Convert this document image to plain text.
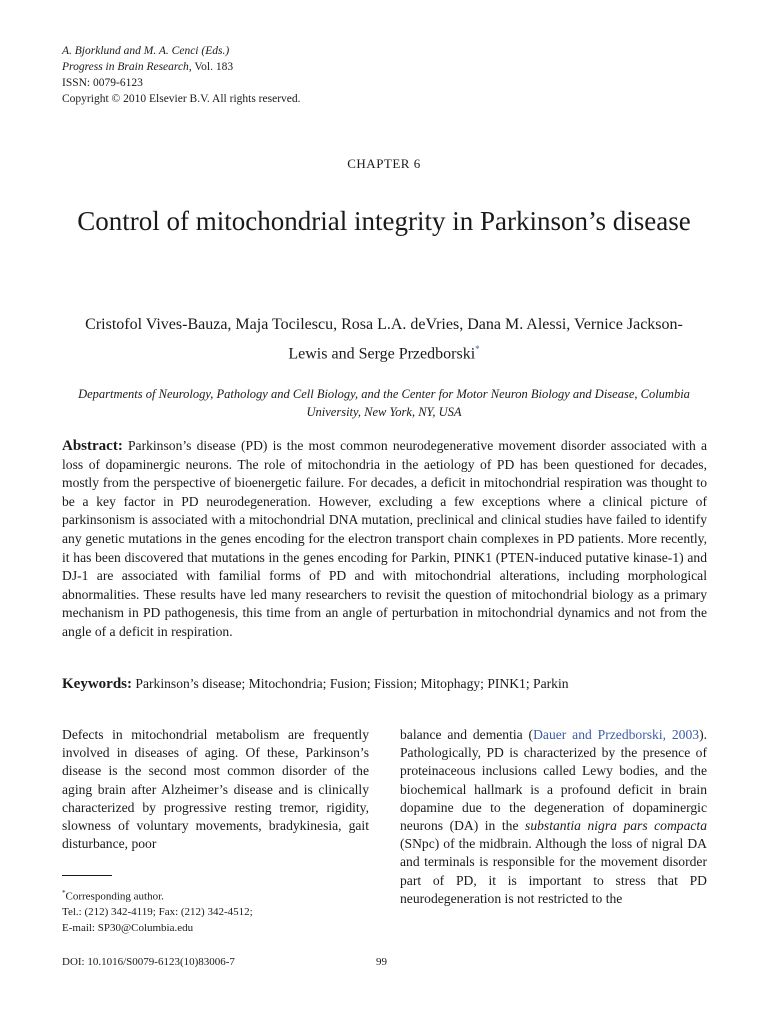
A. Bjorklund and M. A. Cenci (Eds.)
Progress in Brain Research, Vol. 183
ISSN: 0079-6123
Copyright © 2010 Elsevier B.V. All rights reserved.
CHAPTER 6
Control of mitochondrial integrity in Parkinson’s disease
Cristofol Vives-Bauza, Maja Tocilescu, Rosa L.A. deVries, Dana M. Alessi, Vernice Jackson-Lewis and Serge Przedborski*
Departments of Neurology, Pathology and Cell Biology, and the Center for Motor Neuron Biology and Disease, Columbia University, New York, NY, USA
Abstract: Parkinson’s disease (PD) is the most common neurodegenerative movement disorder associated with a loss of dopaminergic neurons. The role of mitochondria in the aetiology of PD has been questioned for decades, mostly from the perspective of bioenergetic failure. For decades, a deficit in mitochondrial respiration was thought to be a key factor in PD neurodegeneration. However, excluding a few exceptions where a clinical picture of parkinsonism is associated with a mitochondrial DNA mutation, preclinical and clinical studies have failed to identify any genetic mutations in the genes encoding for the electron transport chain complexes in PD patients. More recently, it has been discovered that mutations in the genes encoding for Parkin, PINK1 (PTEN-induced putative kinase-1) and DJ-1 are associated with familial forms of PD and with mitochondrial alterations, including morphological abnormalities. These results have led many researchers to revisit the question of mitochondrial biology as a primary mechanism in PD pathogenesis, this time from an angle of perturbation in mitochondrial dynamics and not from the angle of a deficit in respiration.
Keywords: Parkinson’s disease; Mitochondria; Fusion; Fission; Mitophagy; PINK1; Parkin

Defects in mitochondrial metabolism are frequently involved in diseases of aging. Of these, Parkinson’s disease is the second most common disorder of the aging brain after Alzheimer’s disease and is clinically characterized by progressive resting tremor, rigidity, slowness of voluntary movements, bradykinesia, gait disturbance, poor

balance and dementia (Dauer and Przedborski, 2003). Pathologically, PD is characterized by the presence of proteinaceous inclusions called Lewy bodies, and the biochemical hallmark is a profound deficit in brain dopamine due to the degeneration of dopaminergic neurons (DA) in the substantia nigra pars compacta (SNpc) of the midbrain. Although the loss of nigral DA and terminals is responsible for the movement disorder part of PD, it is important to stress that PD neurodegeneration is not restricted to the

*Corresponding author.
Tel.: (212) 342-4119; Fax: (212) 342-4512;
E-mail: SP30@Columbia.edu
DOI: 10.1016/S0079-6123(10)83006-7	99
